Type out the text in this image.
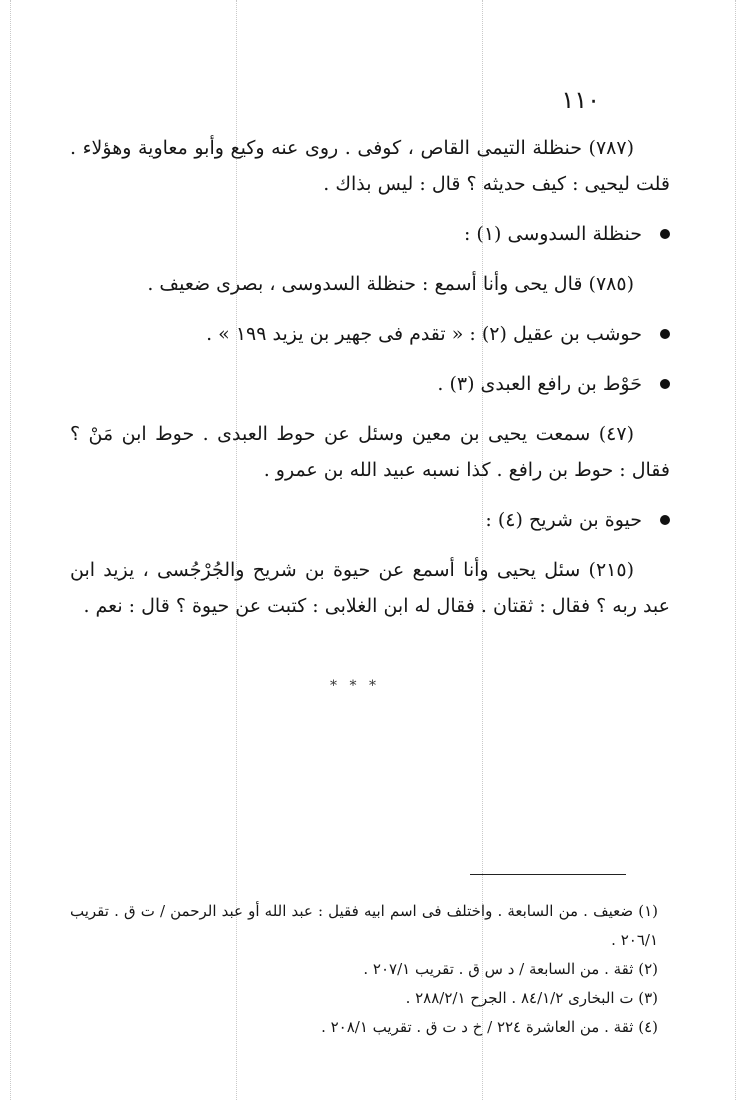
١١٠

(٧٨٧) حنظلة التيمى القاص ، كوفى . روى عنه وكيع وأبو معاوية وهؤلاء . قلت ليحيى : كيف حديثه ؟ قال : ليس بذاك .

حنظلة السدوسى (١) :

(٧٨٥) قال يحى وأنا أسمع : حنظلة السدوسى ، بصرى ضعيف .

حوشب بن عقيل (٢) : « تقدم فى جهير بن يزيد ١٩٩ » .

حَوْط بن رافع العبدى (٣) .

(٤٧) سمعت يحيى بن معين وسئل عن حوط العبدى . حوط ابن مَنْ ؟ فقال : حوط بن رافع . كذا نسبه عبيد الله بن عمرو .

حيوة بن شريح (٤) :

(٢١٥) سئل يحيى وأنا أسمع عن حيوة بن شريح والجُرْجُسى ، يزيد ابن عبد ربه ؟ فقال : ثقتان . فقال له ابن الغلابى : كتبت عن حيوة ؟ قال : نعم .

* * *

(١) ضعيف . من السابعة . واختلف فى اسم ابيه فقيل : عبد الله أو عبد الرحمن / ت ق . تقريب ٢٠٦/١ .

(٢) ثقة . من السابعة / د س ق . تقريب ٢٠٧/١ .

(٣) ت البخارى ٨٤/١/٢ . الجرح ٢٨٨/٢/١ .

(٤) ثقة . من العاشرة ٢٢٤ / خ د ت ق . تقريب ٢٠٨/١ .
